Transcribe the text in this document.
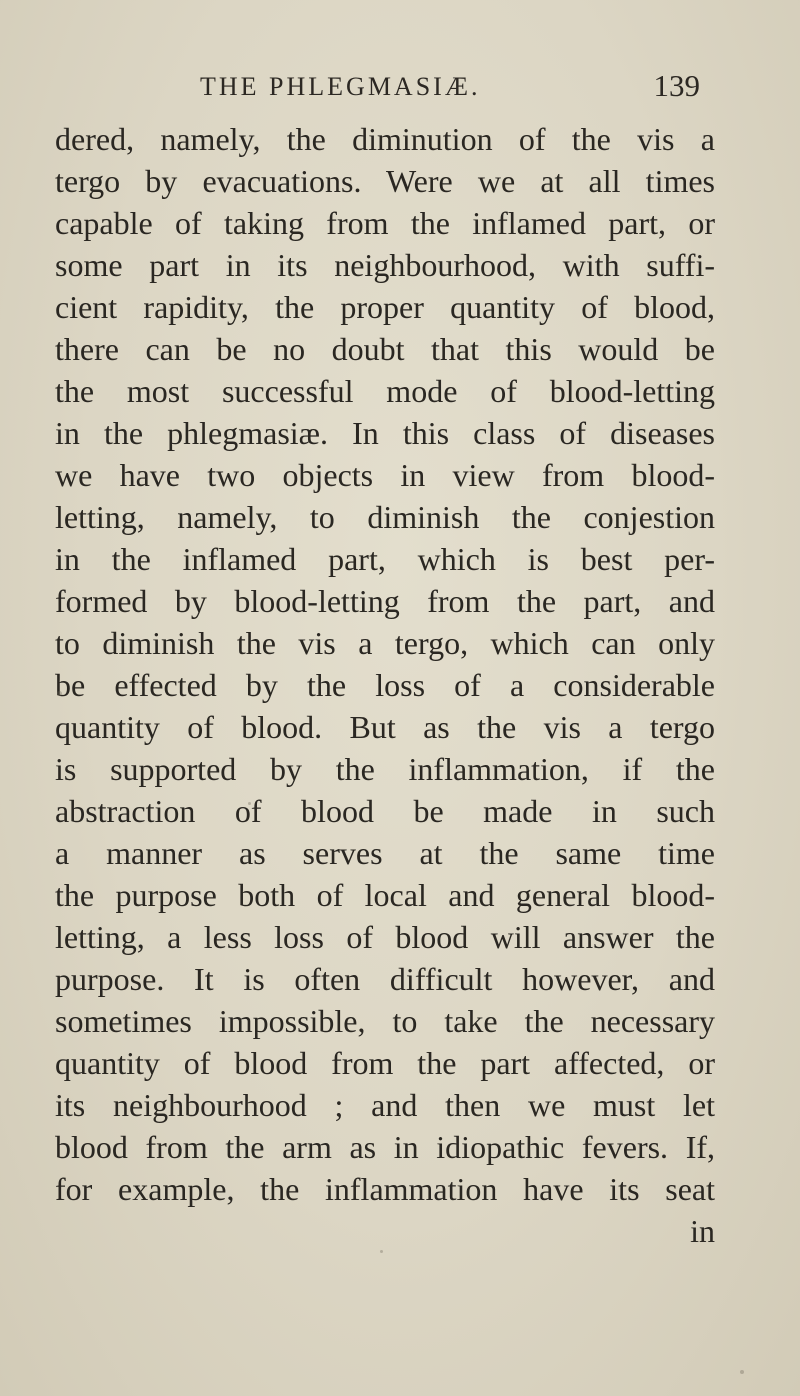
THE PHLEGMASIÆ.	139
dered, namely, the diminution of the vis a
tergo by evacuations. Were we at all times
capable of taking from the inflamed part, or
some part in its neighbourhood, with suffi-
cient rapidity, the proper quantity of blood,
there can be no doubt that this would be
the most successful mode of blood-letting
in the phlegmasiæ. In this class of diseases
we have two objects in view from blood-
letting, namely, to diminish the conjestion
in the inflamed part, which is best per-
formed by blood-letting from the part, and
to diminish the vis a tergo, which can only
be effected by the loss of a considerable
quantity of blood. But as the vis a tergo
is supported by the inflammation, if the
abstraction of blood be made in such
a manner as serves at the same time
the purpose both of local and general blood-
letting, a less loss of blood will answer the
purpose. It is often difficult however, and
sometimes impossible, to take the necessary
quantity of blood from the part affected, or
its neighbourhood ; and then we must let
blood from the arm as in idiopathic fevers. If,
for example, the inflammation have its seat
in
